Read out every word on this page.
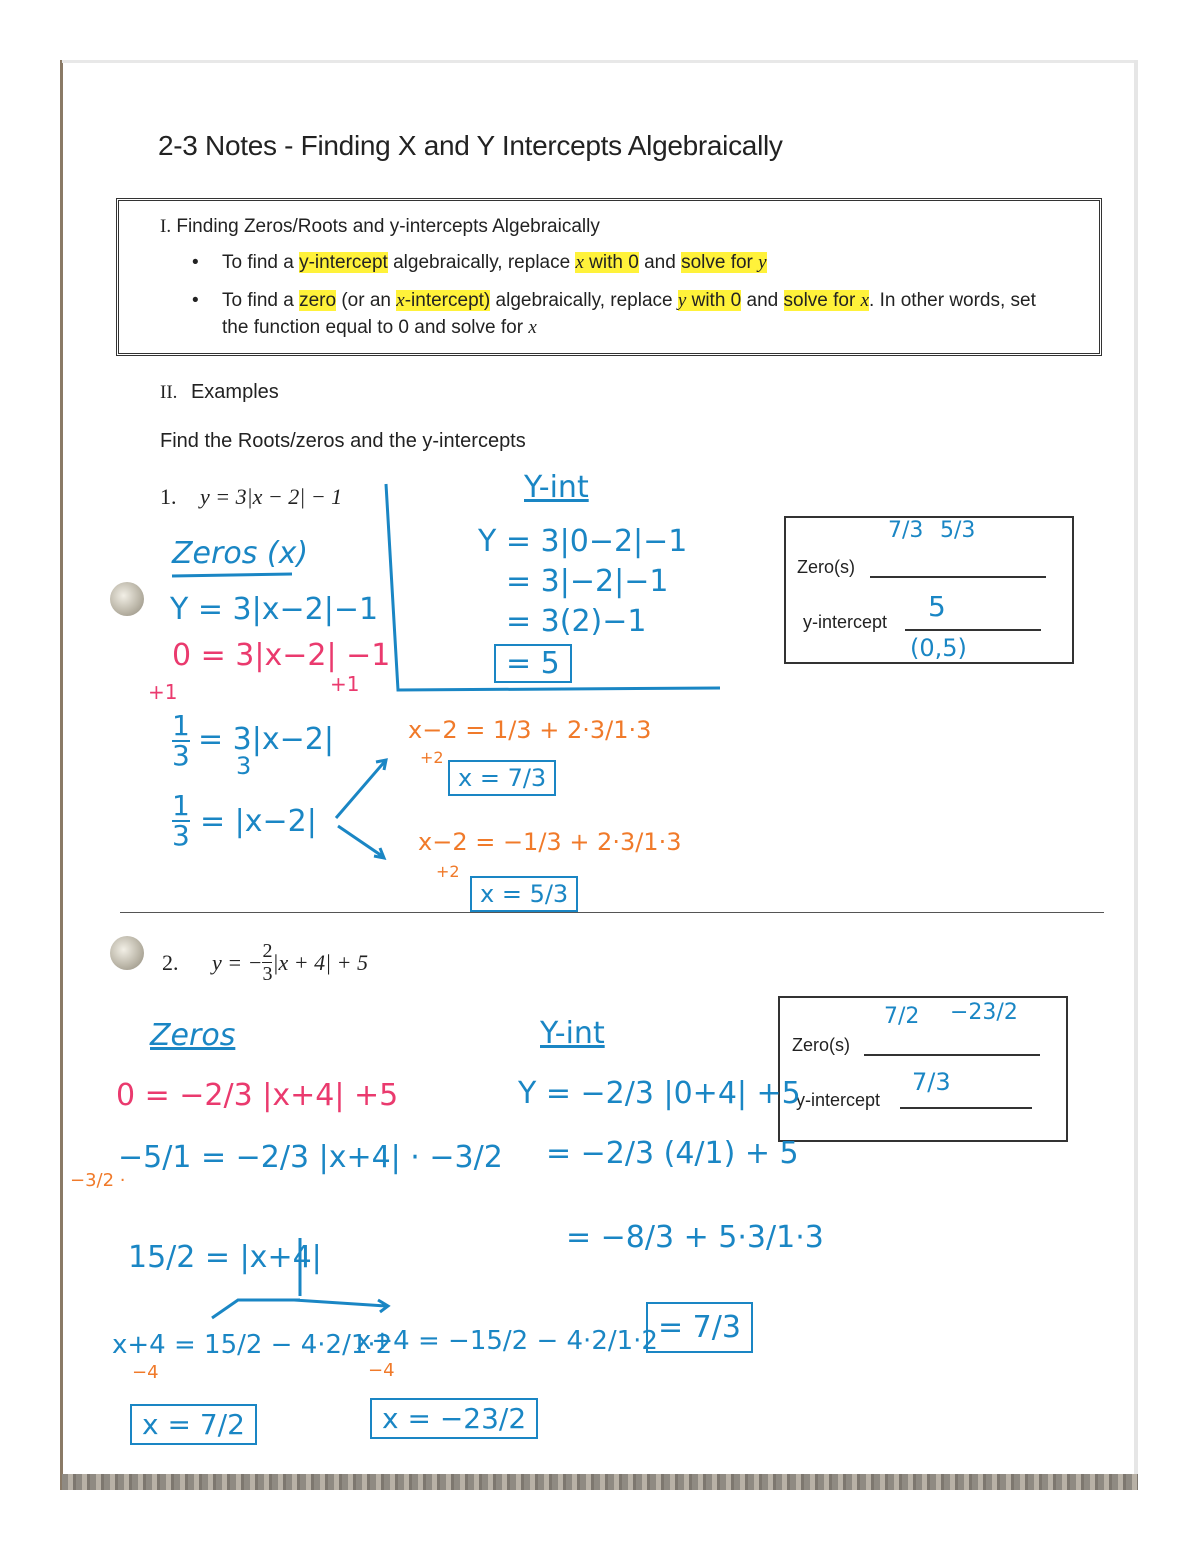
2-3 Notes - Finding X and Y Intercepts Algebraically
I. Finding Zeros/Roots and y-intercepts Algebraically
• To find a y-intercept algebraically, replace x with 0 and solve for y
• To find a zero (or an x-intercept) algebraically, replace y with 0 and solve for x. In other words, set
the function equal to 0 and solve for x
II. Examples
Find the Roots/zeros and the y-intercepts
1. y = 3|x − 2| − 1
Zero(s)
7/3 5/3
y-intercept 5
(0,5)
Zeros (x)
Y = 3|x−2|−1
0 = 3|x−2| −1
+1	+1
1
3 = 3|x−2|
3
1
3 = |x−2|
x−2 = 1/3 + 2·3/1·3
+2
x = 7/3
x−2 = −1/3 + 2·3/1·3
+2
x = 5/3
Y-int
Y = 3|0−2|−1
= 3|−2|−1
= 3(2)−1
= 5
2. y = − $\frac{2}{3} |x + 4| + 5$
Zero(s)
7/2 −23/2
y-intercept
7/3
Zeros
0 = −2/3 |x+4| +5
−5/1 = −2/3 |x+4| · −3/2
−3/2 ·
15/2 = |x+4|
x+4 = 15/2 − 4·2/1·2
−4
x = 7/2
x+4 = −15/2 − 4·2/1·2
−4
x = −23/2
Y-int
Y = −2/3 |0+4| +5
= −2/3 (4/1) + 5
= −8/3 + 5·3/1·3
= 7/3
